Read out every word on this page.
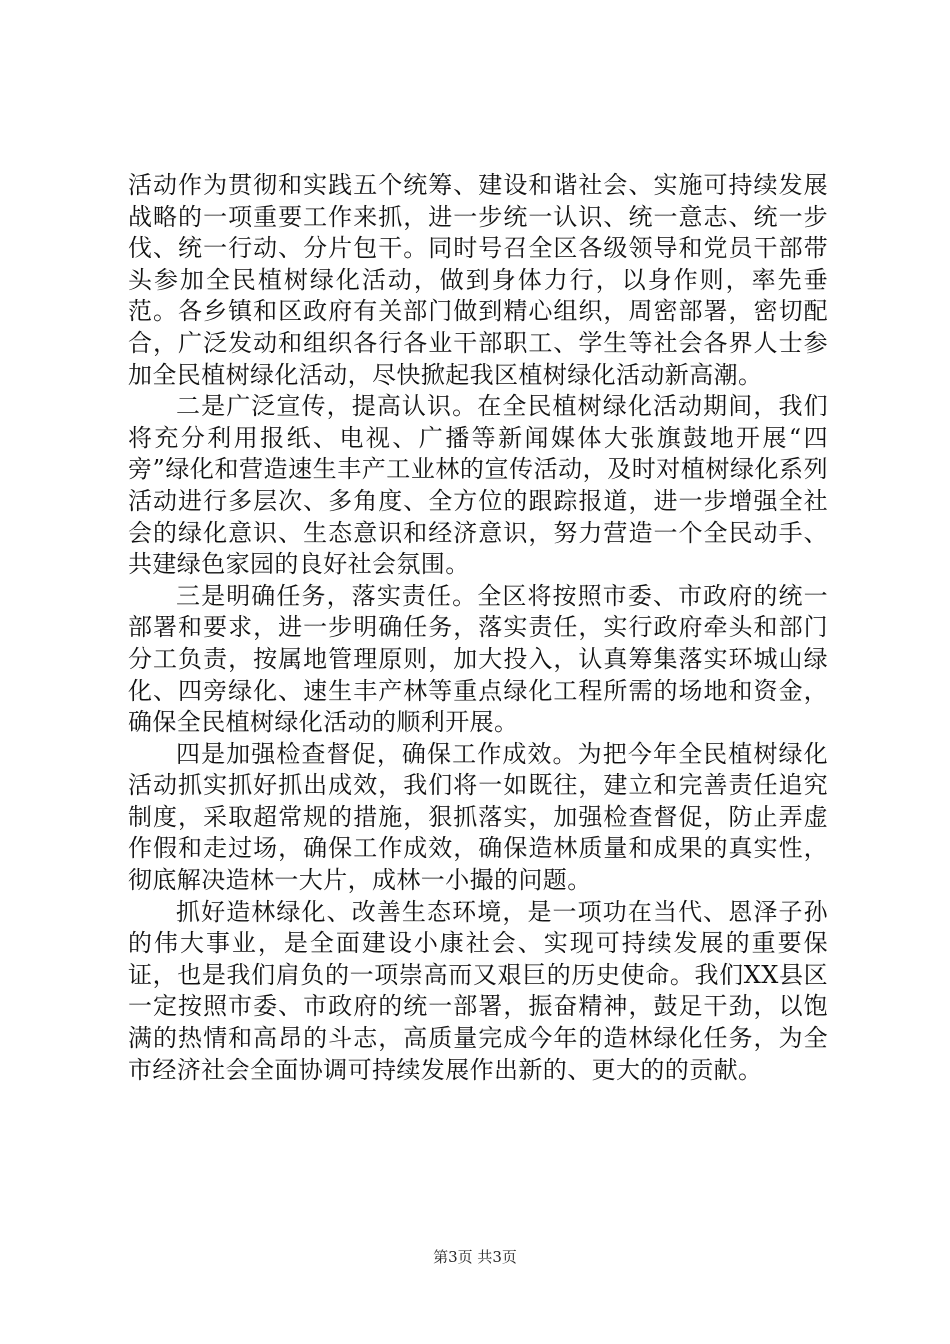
活动作为贯彻和实践五个统筹、建设和谐社会、实施可持续发展战略的一项重要工作来抓，进一步统一认识、统一意志、统一步伐、统一行动、分片包干。同时号召全区各级领导和党员干部带头参加全民植树绿化活动，做到身体力行，以身作则，率先垂范。各乡镇和区政府有关部门做到精心组织，周密部署，密切配合，广泛发动和组织各行各业干部职工、学生等社会各界人士参加全民植树绿化活动，尽快掀起我区植树绿化活动新高潮。

二是广泛宣传，提高认识。在全民植树绿化活动期间，我们将充分利用报纸、电视、广播等新闻媒体大张旗鼓地开展“四旁”绿化和营造速生丰产工业林的宣传活动，及时对植树绿化系列活动进行多层次、多角度、全方位的跟踪报道，进一步增强全社会的绿化意识、生态意识和经济意识，努力营造一个全民动手、共建绿色家园的良好社会氛围。

三是明确任务，落实责任。全区将按照市委、市政府的统一部署和要求，进一步明确任务，落实责任，实行政府牵头和部门分工负责，按属地管理原则，加大投入，认真筹集落实环城山绿化、四旁绿化、速生丰产林等重点绿化工程所需的场地和资金，确保全民植树绿化活动的顺利开展。

四是加强检查督促，确保工作成效。为把今年全民植树绿化活动抓实抓好抓出成效，我们将一如既往，建立和完善责任追究制度，采取超常规的措施，狠抓落实，加强检查督促，防止弄虚作假和走过场，确保工作成效，确保造林质量和成果的真实性，彻底解决造林一大片，成林一小撮的问题。

抓好造林绿化、改善生态环境，是一项功在当代、恩泽子孙的伟大事业，是全面建设小康社会、实现可持续发展的重要保证，也是我们肩负的一项崇高而又艰巨的历史使命。我们XX县区一定按照市委、市政府的统一部署，振奋精神，鼓足干劲，以饱满的热情和高昂的斗志，高质量完成今年的造林绿化任务，为全市经济社会全面协调可持续发展作出新的、更大的的贡献。

第3页 共3页
